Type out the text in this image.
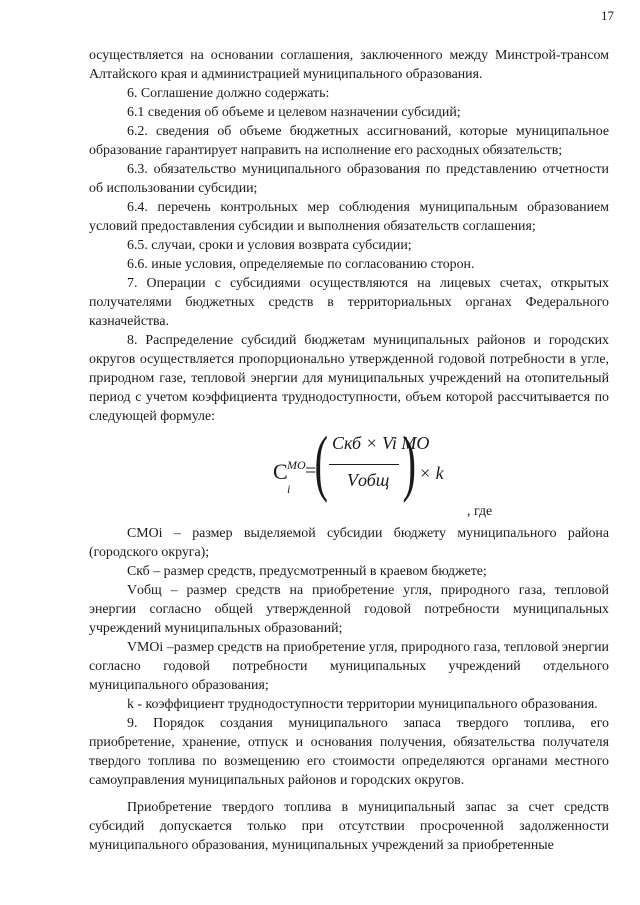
17

осуществляется на основании соглашения, заключенного между Минстрой-трансом Алтайского края и администрацией муниципального образования.

6. Соглашение должно содержать:

6.1 сведения об объеме и целевом назначении субсидий;

6.2. сведения об объеме бюджетных ассигнований, которые муниципальное образование гарантирует направить на исполнение его расходных обязательств;

6.3. обязательство муниципального образования по представлению отчетности об использовании субсидии;

6.4. перечень контрольных мер соблюдения муниципальным образованием условий предоставления субсидии и выполнения обязательств соглашения;

6.5. случаи, сроки и условия возврата субсидии;

6.6. иные условия, определяемые по согласованию сторон.

7. Операции с субсидиями осуществляются на лицевых счетах, открытых получателями бюджетных средств в территориальных органах Федерального казначейства.

8. Распределение субсидий бюджетам муниципальных районов и городских округов осуществляется пропорционально утвержденной годовой потребности в угле, природном газе, тепловой энергии для муниципальных учреждений на отопительный период с учетом коэффициента труднодоступности, объем которой рассчитывается по следующей формуле:

C MO
i
=
( Cкб × Vi MO
Vобщ ) × k
, где

CMOi – размер выделяемой субсидии бюджету муниципального района (городского округа);

Cкб – размер средств, предусмотренный в краевом бюджете;

Vобщ – размер средств на приобретение угля, природного газа, тепловой энергии согласно общей утвержденной годовой потребности муниципальных учреждений муниципальных образований;

VMOi –размер средств на приобретение угля, природного газа, тепловой энергии согласно годовой потребности муниципальных учреждений отдельного муниципального образования;

k - коэффициент труднодоступности территории муниципального образования.

9. Порядок создания муниципального запаса твердого топлива, его приобретение, хранение, отпуск и основания получения, обязательства получателя твердого топлива по возмещению его стоимости определяются органами местного самоуправления муниципальных районов и городских округов.

Приобретение твердого топлива в муниципальный запас за счет средств субсидий допускается только при отсутствии просроченной задолженности муниципального образования, муниципальных учреждений за приобретенные
